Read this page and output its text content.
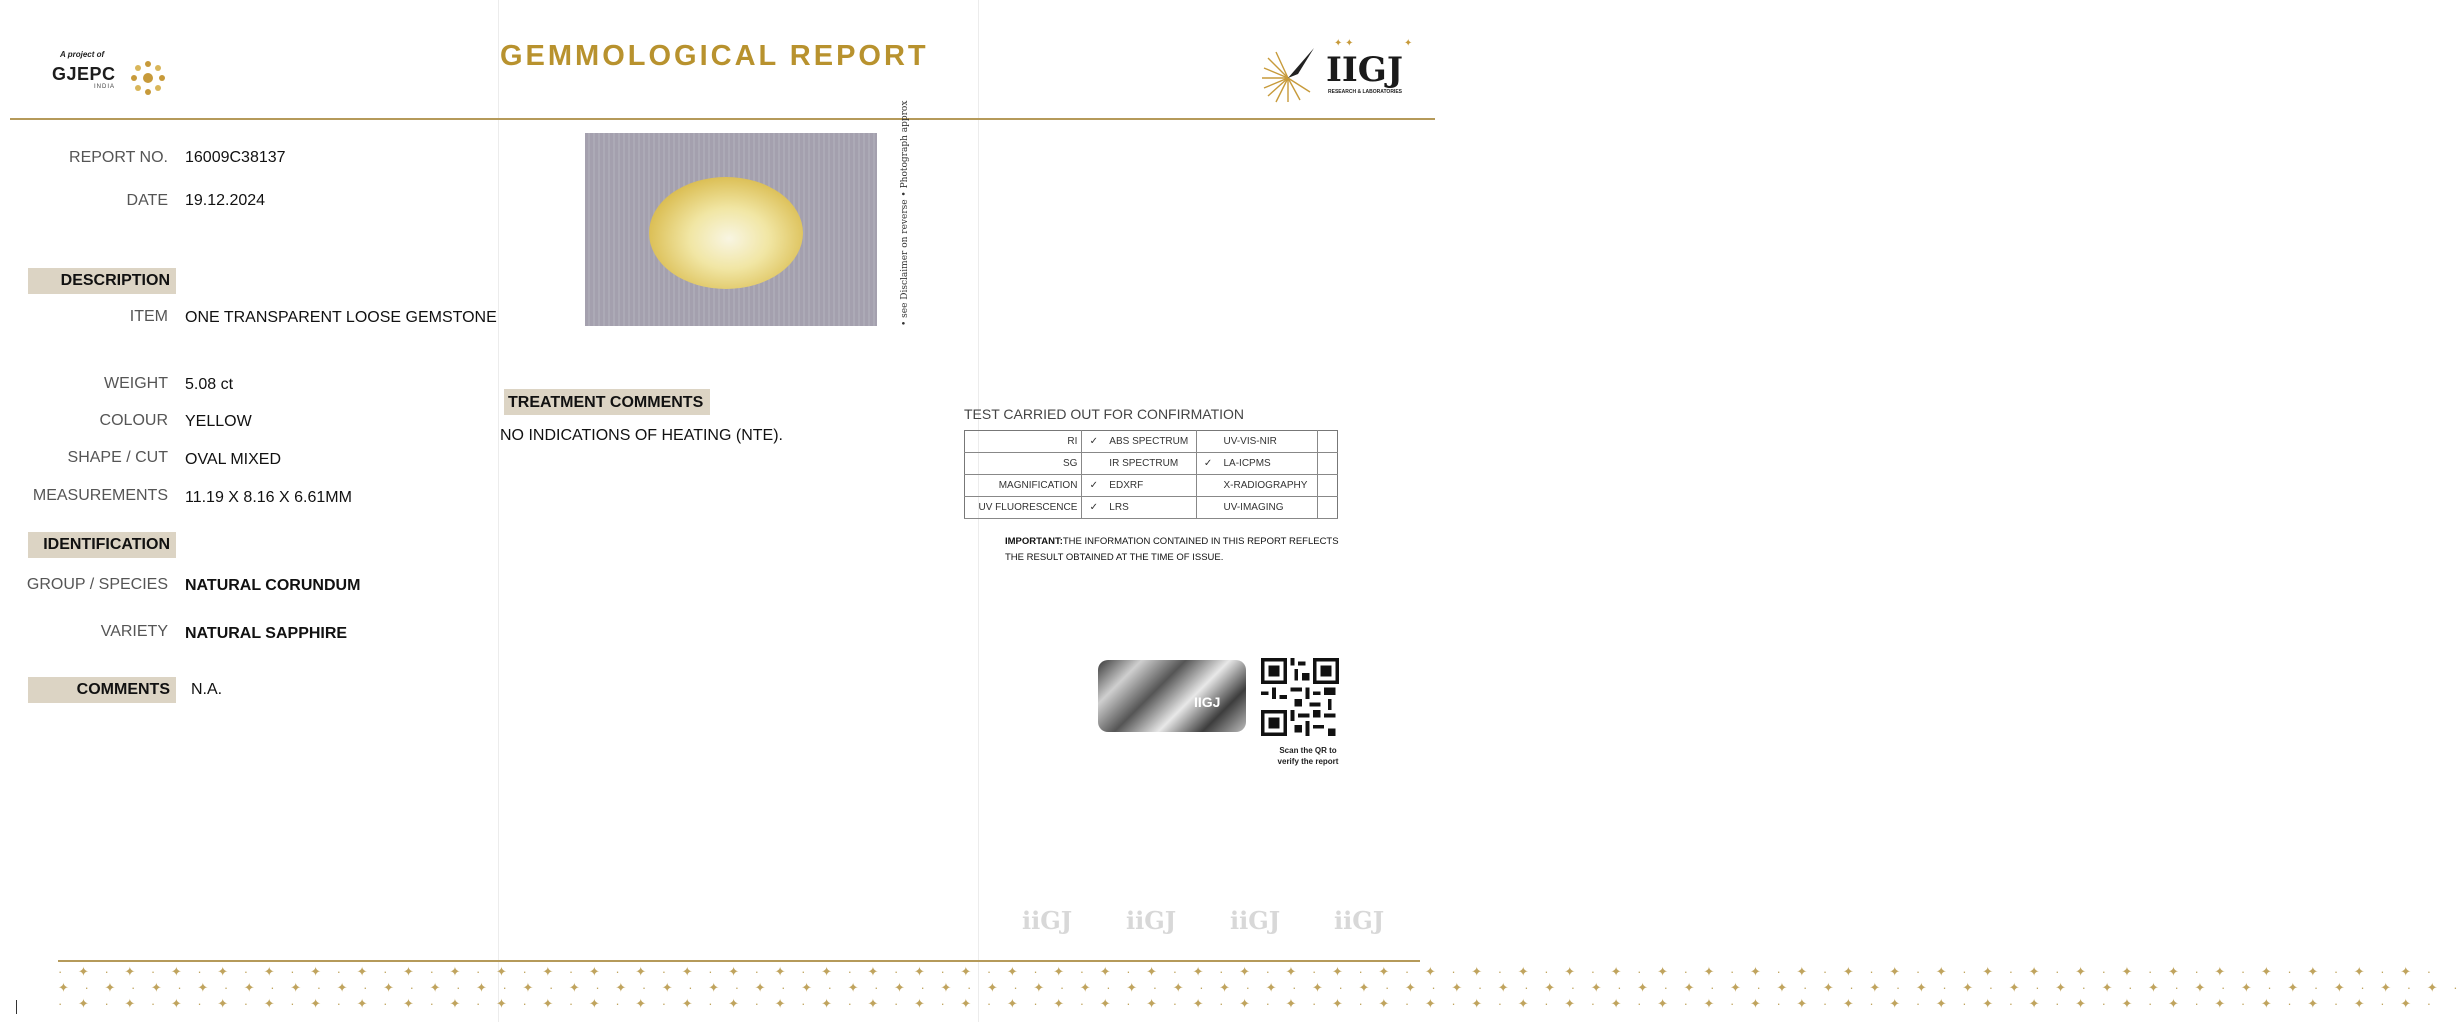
A project of
GJEPC
INDIA
GEMMOLOGICAL REPORT	✦ ✦	✦
IIGJ
RESEARCH & LABORATORIES
REPORT NO. 16009C38137
DATE 19.12.2024
DESCRIPTION
ITEM ONE TRANSPARENT LOOSE GEMSTONE
WEIGHT 5.08 ct
COLOUR YELLOW
SHAPE / CUT OVAL MIXED
MEASUREMENTS 11.19 X 8.16 X 6.61MM
IDENTIFICATION
GROUP / SPECIES NATURAL CORUNDUM
VARIETY NATURAL SAPPHIRE
COMMENTS N.A.
• see Disclaimer on reverse • Photograph approx
TREATMENT COMMENTS
NO INDICATIONS OF HEATING (NTE).
TEST CARRIED OUT FOR CONFIRMATION
RI	✓	ABS SPECTRUM		UV-VIS-NIR	
SG		IR SPECTRUM	✓	LA-ICPMS	
MAGNIFICATION	✓	EDXRF		X-RADIOGRAPHY	
UV FLUORESCENCE	✓	LRS		UV-IMAGING	
IMPORTANT:THE INFORMATION CONTAINED IN THIS REPORT REFLECTS THE RESULT OBTAINED AT THE TIME OF ISSUE.
IIGJ
Scan the QR to verify the report
iiGJ iiGJ iiGJ iiGJ
· ✦ · ✦ · ✦ · ✦ · ✦ · ✦ · ✦ · ✦ · ✦ · ✦ · ✦ · ✦ · ✦ · ✦ · ✦ · ✦ · ✦ · ✦ · ✦ · ✦ · ✦ · ✦ · ✦ · ✦ · ✦ · ✦ · ✦ · ✦ · ✦ · ✦ · ✦ · ✦ · ✦ · ✦ · ✦ · ✦ · ✦ · ✦ · ✦ · ✦ · ✦ · ✦ · ✦ · ✦ · ✦ · ✦ · ✦ · ✦ · ✦ · ✦ · ✦ ·
✦ · ✦ · ✦ · ✦ · ✦ · ✦ · ✦ · ✦ · ✦ · ✦ · ✦ · ✦ · ✦ · ✦ · ✦ · ✦ · ✦ · ✦ · ✦ · ✦ · ✦ · ✦ · ✦ · ✦ · ✦ · ✦ · ✦ · ✦ · ✦ · ✦ · ✦ · ✦ · ✦ · ✦ · ✦ · ✦ · ✦ · ✦ · ✦ · ✦ · ✦ · ✦ · ✦ · ✦ · ✦ · ✦ · ✦ · ✦ · ✦ · ✦ · ✦ · ✦ ·
· ✦ · ✦ · ✦ · ✦ · ✦ · ✦ · ✦ · ✦ · ✦ · ✦ · ✦ · ✦ · ✦ · ✦ · ✦ · ✦ · ✦ · ✦ · ✦ · ✦ · ✦ · ✦ · ✦ · ✦ · ✦ · ✦ · ✦ · ✦ · ✦ · ✦ · ✦ · ✦ · ✦ · ✦ · ✦ · ✦ · ✦ · ✦ · ✦ · ✦ · ✦ · ✦ · ✦ · ✦ · ✦ · ✦ · ✦ · ✦ · ✦ · ✦ · ✦ ·
